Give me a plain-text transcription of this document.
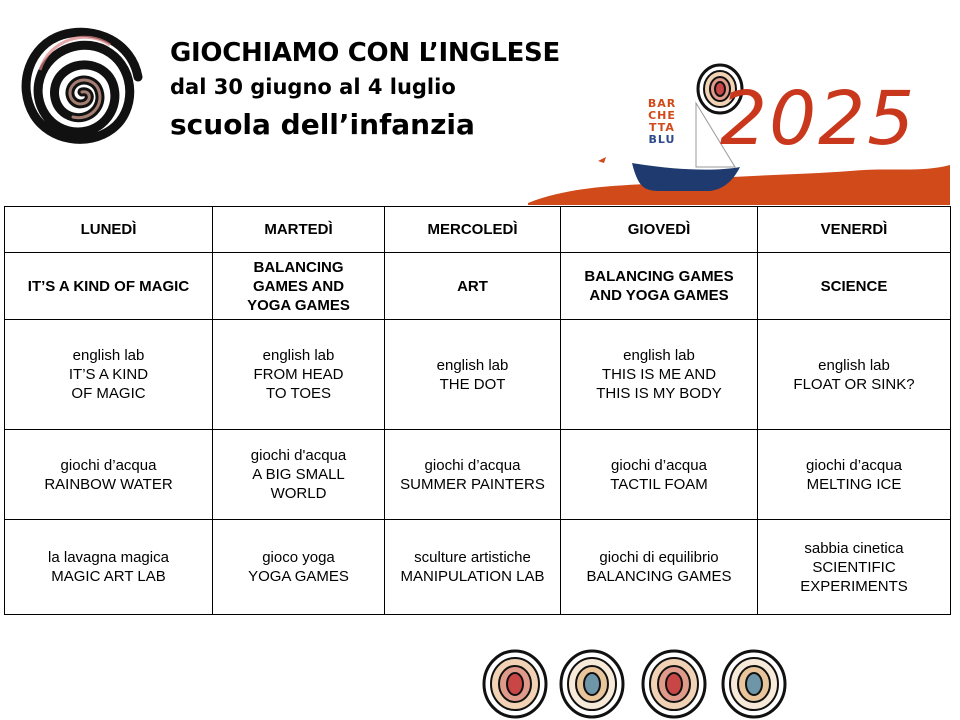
GIOCHIAMO CON L’INGLESE
dal 30 giugno al 4 luglio
scuola dell’infanzia
BAR
CHE
TTA
BLU 2025
LUNEDÌ	MARTEDÌ	MERCOLEDÌ	GIOVEDÌ	VENERDÌ

IT’S A KIND OF MAGIC	BALANCING
GAMES AND
YOGA GAMES	ART	BALANCING GAMES
AND YOGA GAMES	SCIENCE

english lab
IT’S A KIND
OF MAGIC	english lab
FROM HEAD
TO TOES	english lab
THE DOT	english lab
THIS IS ME AND
THIS IS MY BODY	english lab
FLOAT OR SINK?

giochi d’acqua
RAINBOW WATER	giochi d'acqua
A BIG SMALL
WORLD	giochi d’acqua
SUMMER PAINTERS	giochi d’acqua
TACTIL FOAM	giochi d’acqua
MELTING ICE

la lavagna magica
MAGIC ART LAB	gioco yoga
YOGA GAMES	sculture artistiche
MANIPULATION LAB	giochi di equilibrio
BALANCING GAMES	sabbia cinetica
SCIENTIFIC
EXPERIMENTS
